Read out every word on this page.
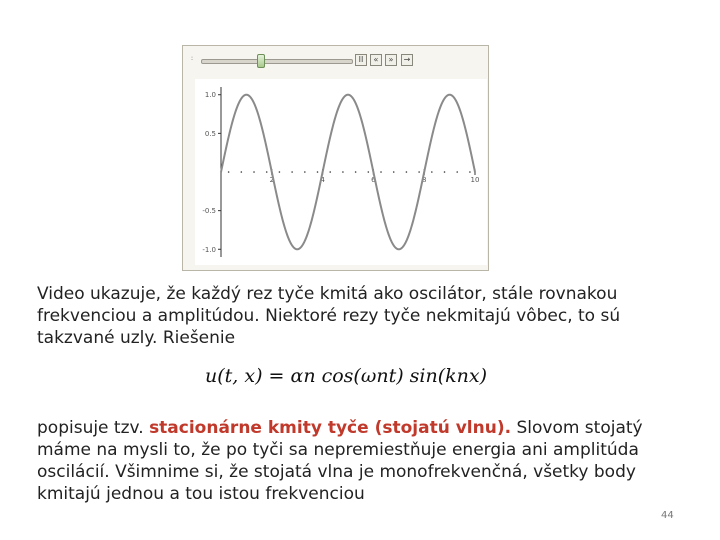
:	II	«	»	→
1.0
0.5
-0.5
-1.0
2	4	6	8	10

Video ukazuje, že každý rez tyče kmitá ako oscilátor, stále rovnakou frekvenciou a amplitúdou. Niektoré rezy tyče nekmitajú vôbec, to sú takzvané uzly. Riešenie

u(t, x) = αn cos(ωnt) sin(knx)
popisuje tzv. stacionárne kmity tyče (stojatú vlnu). Slovom stojatý máme na mysli to, že po tyči sa nepremiestňuje energia ani amplitúda oscilácií. Všimnime si, že stojatá vlna je monofrekvenčná, všetky body kmitajú jednou a tou istou frekvenciou
44
